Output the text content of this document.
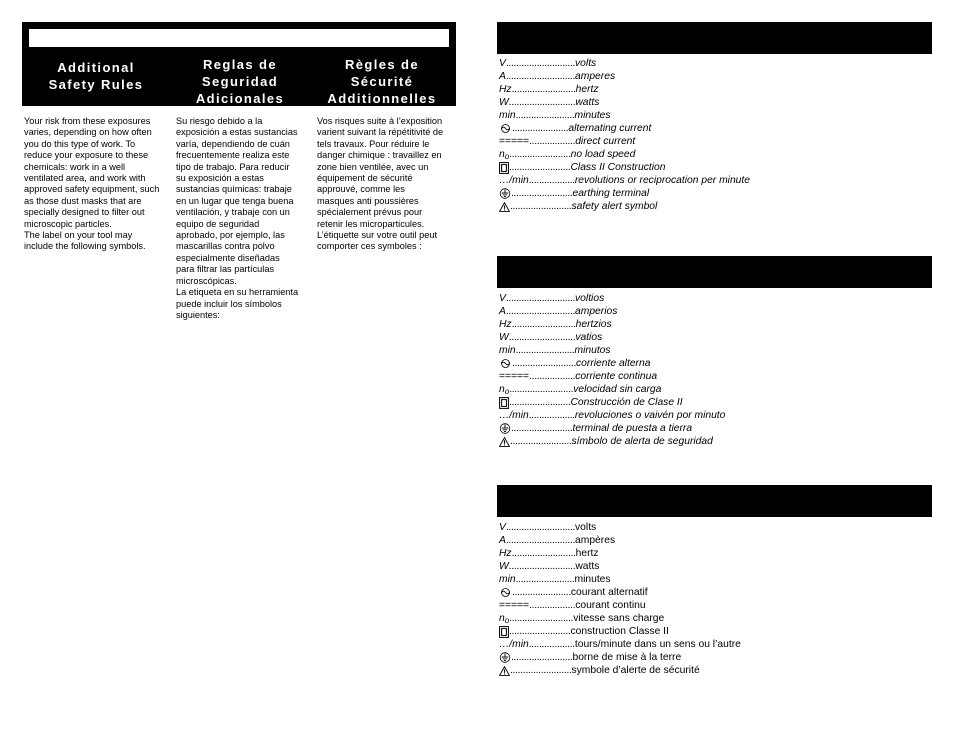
Additional
Safety Rules
Reglas de
Seguridad
Adicionales
Règles de
Sécurité
Additionnelles
Your risk from these exposures
varies, depending on how often
you do this type of work. To
reduce your exposure to these
chemicals: work in a well
ventilated area, and work with
approved safety equipment, such
as those dust masks that are
specially designed to filter out
microscopic particles.
The label on your tool may
include the following symbols.
Su riesgo debido a la
exposición a estas sustancias
varía, dependiendo de cuán
frecuentemente realiza este
tipo de trabajo. Para reducir
su exposición a estas
sustancias químicas: trabaje
en un lugar que tenga buena
ventilación, y trabaje con un
equipo de seguridad
aprobado, por ejemplo, las
mascarillas contra polvo
especialmente diseñadas
para filtrar las partículas
microscópicas.
La etiqueta en su herramienta
puede incluir los símbolos
siguientes:
Vos risques suite à l’exposition
varient suivant la répétitivité de
tels travaux. Pour réduire le
danger chimique : travaillez en
zone bien ventilée, avec un
équipement de sécurité
approuvé, comme les
masques anti poussières
spécialement prévus pour
retenir les microparticules.
L’étiquette sur votre outil peut
comporter ces symboles :
V ........................... volts
A ........................... amperes
Hz ......................... hertz
W .......................... watts
min ....................... minutes
...................... alternating current
===== .................. direct current
n o ........................ no load speed
........................ Class II Construction
…/min .................. revolutions or reciprocation per minute
........................ earthing terminal
........................ safety alert symbol
V ........................... voltios
A ........................... amperios
Hz ......................... hertzios
W .......................... vatios
min ....................... minutos
......................... corriente alterna
===== .................. corriente continua
n o ......................... velocidad sin carga
........................ Construcción de Clase II
…/min .................. revoluciones o vaivén por minuto
........................ terminal de puesta a tierra
........................ símbolo de alerta de seguridad
V ........................... volts
A ........................... ampères
Hz ......................... hertz
W .......................... watts
min ....................... minutes
....................... courant alternatif
===== .................. courant continu
n o ......................... vitesse sans charge
........................ construction Classe II
…/min .................. tours/minute dans un sens ou l’autre
........................ borne de mise à la terre
........................ symbole d’alerte de sécurité
